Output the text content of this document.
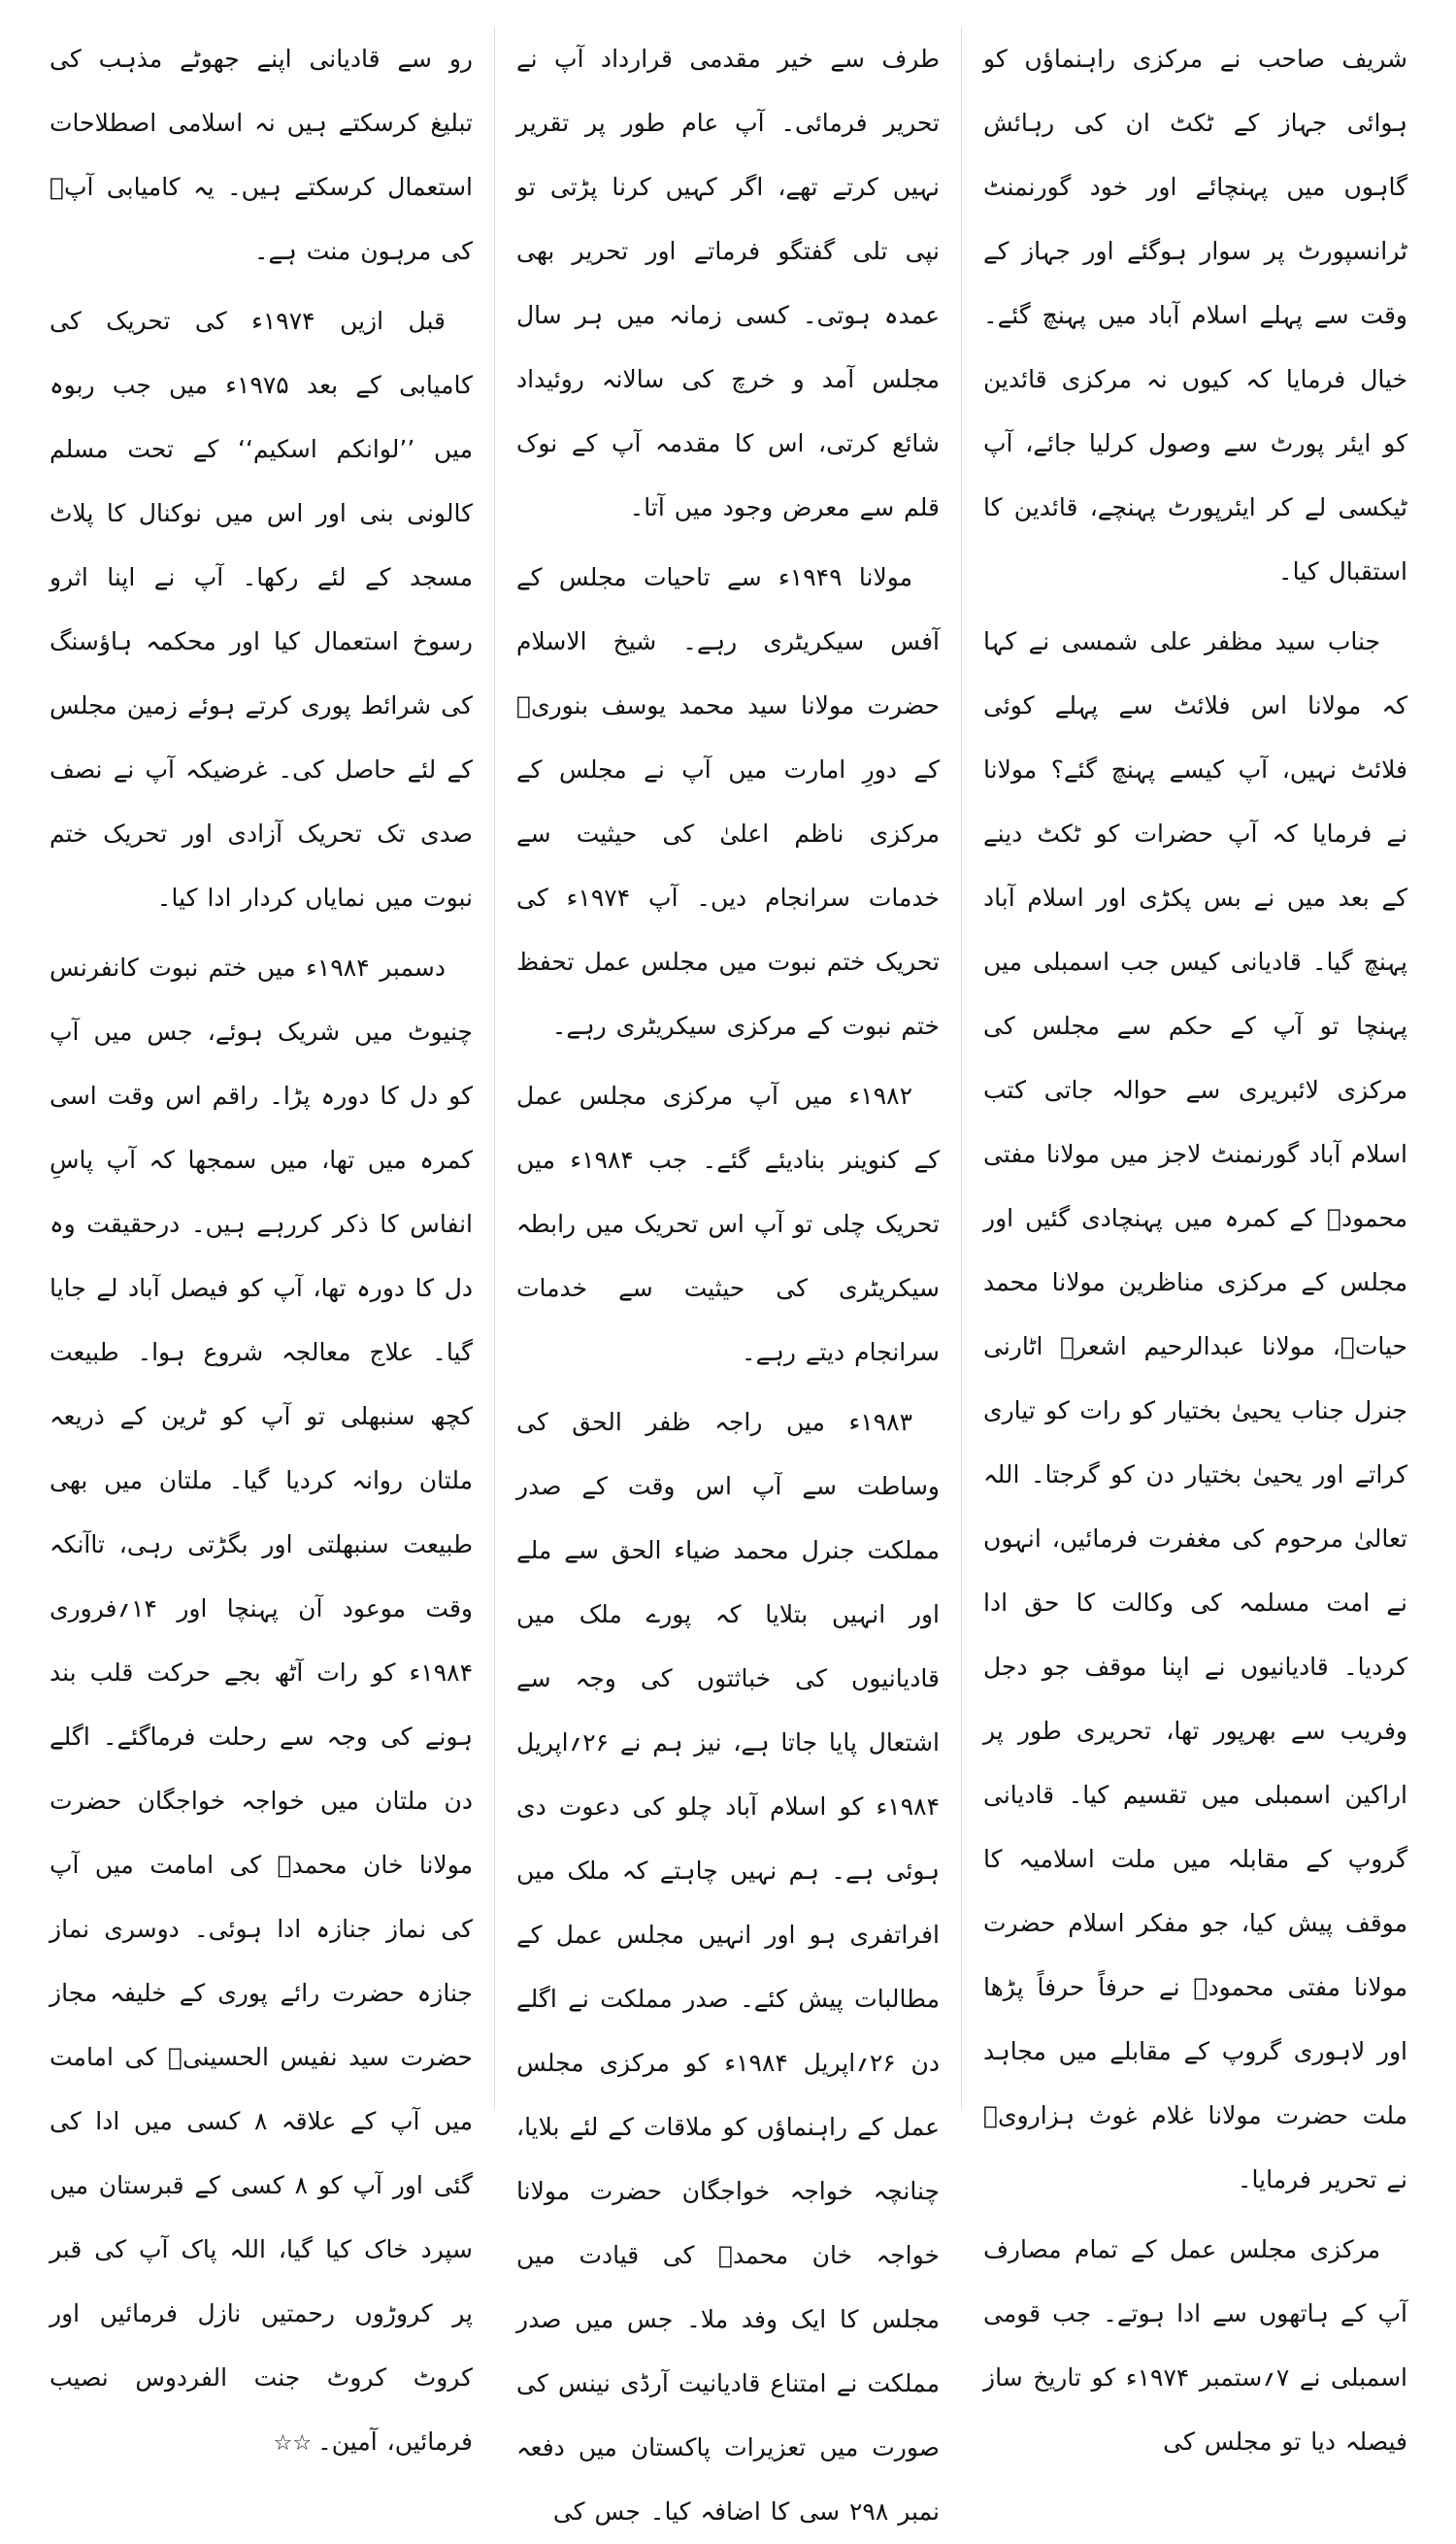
شریف صاحب نے مرکزی راہنماؤں کو ہوائی جہاز کے ٹکٹ ان کی رہائش گاہوں میں پہنچائے اور خود گورنمنٹ ٹرانسپورٹ پر سوار ہوگئے اور جہاز کے وقت سے پہلے اسلام آباد میں پہنچ گئے۔ خیال فرمایا کہ کیوں نہ مرکزی قائدین کو ایئر پورٹ سے وصول کرلیا جائے، آپ ٹیکسی لے کر ایئرپورٹ پہنچے، قائدین کا استقبال کیا۔

جناب سید مظفر علی شمسی نے کہا کہ مولانا اس فلائٹ سے پہلے کوئی فلائٹ نہیں، آپ کیسے پہنچ گئے؟ مولانا نے فرمایا کہ آپ حضرات کو ٹکٹ دینے کے بعد میں نے بس پکڑی اور اسلام آباد پہنچ گیا۔ قادیانی کیس جب اسمبلی میں پہنچا تو آپ کے حکم سے مجلس کی مرکزی لائبریری سے حوالہ جاتی کتب اسلام آباد گورنمنٹ لاجز میں مولانا مفتی محمودؒ کے کمرہ میں پہنچادی گئیں اور مجلس کے مرکزی مناظرین مولانا محمد حیاتؒ، مولانا عبدالرحیم اشعرؒ اٹارنی جنرل جناب یحییٰ بختیار کو رات کو تیاری کراتے اور یحییٰ بختیار دن کو گرجتا۔ اللہ تعالیٰ مرحوم کی مغفرت فرمائیں، انہوں نے امت مسلمہ کی وکالت کا حق ادا کردیا۔ قادیانیوں نے اپنا موقف جو دجل وفریب سے بھرپور تھا، تحریری طور پر اراکین اسمبلی میں تقسیم کیا۔ قادیانی گروپ کے مقابلہ میں ملت اسلامیہ کا موقف پیش کیا، جو مفکر اسلام حضرت مولانا مفتی محمودؒ نے حرفاً حرفاً پڑھا اور لاہوری گروپ کے مقابلے میں مجاہد ملت حضرت مولانا غلام غوث ہزارویؒ نے تحریر فرمایا۔

مرکزی مجلس عمل کے تمام مصارف آپ کے ہاتھوں سے ادا ہوتے۔ جب قومی اسمبلی نے ۷؍ستمبر ۱۹۷۴ء کو تاریخ ساز فیصلہ دیا تو مجلس کی

طرف سے خیر مقدمی قرارداد آپ نے تحریر فرمائی۔ آپ عام طور پر تقریر نہیں کرتے تھے، اگر کہیں کرنا پڑتی تو نپی تلی گفتگو فرماتے اور تحریر بھی عمدہ ہوتی۔ کسی زمانہ میں ہر سال مجلس آمد و خرچ کی سالانہ روئیداد شائع کرتی، اس کا مقدمہ آپ کے نوک قلم سے معرض وجود میں آتا۔

مولانا ۱۹۴۹ء سے تاحیات مجلس کے آفس سیکریٹری رہے۔ شیخ الاسلام حضرت مولانا سید محمد یوسف بنوریؒ کے دورِ امارت میں آپ نے مجلس کے مرکزی ناظم اعلیٰ کی حیثیت سے خدمات سرانجام دیں۔ آپ ۱۹۷۴ء کی تحریک ختم نبوت میں مجلس عمل تحفظ ختم نبوت کے مرکزی سیکریٹری رہے۔

۱۹۸۲ء میں آپ مرکزی مجلس عمل کے کنوینر بنادیئے گئے۔ جب ۱۹۸۴ء میں تحریک چلی تو آپ اس تحریک میں رابطہ سیکریٹری کی حیثیت سے خدمات سرانجام دیتے رہے۔

۱۹۸۳ء میں راجہ ظفر الحق کی وساطت سے آپ اس وقت کے صدر مملکت جنرل محمد ضیاء الحق سے ملے اور انہیں بتلایا کہ پورے ملک میں قادیانیوں کی خباثتوں کی وجہ سے اشتعال پایا جاتا ہے، نیز ہم نے ۲۶؍اپریل ۱۹۸۴ء کو اسلام آباد چلو کی دعوت دی ہوئی ہے۔ ہم نہیں چاہتے کہ ملک میں افراتفری ہو اور انہیں مجلس عمل کے مطالبات پیش کئے۔ صدر مملکت نے اگلے دن ۲۶؍اپریل ۱۹۸۴ء کو مرکزی مجلس عمل کے راہنماؤں کو ملاقات کے لئے بلایا، چنانچہ خواجہ خواجگان حضرت مولانا خواجہ خان محمدؒ کی قیادت میں مجلس کا ایک وفد ملا۔ جس میں صدر مملکت نے امتناع قادیانیت آرڈی نینس کی صورت میں تعزیرات پاکستان میں دفعہ نمبر ۲۹۸ سی کا اضافہ کیا۔ جس کی

رو سے قادیانی اپنے جھوٹے مذہب کی تبلیغ کرسکتے ہیں نہ اسلامی اصطلاحات استعمال کرسکتے ہیں۔ یہ کامیابی آپؒ کی مرہون منت ہے۔

قبل ازیں ۱۹۷۴ء کی تحریک کی کامیابی کے بعد ۱۹۷۵ء میں جب ربوہ میں ’’لوانکم اسکیم‘‘ کے تحت مسلم کالونی بنی اور اس میں نوکنال کا پلاٹ مسجد کے لئے رکھا۔ آپ نے اپنا اثرو رسوخ استعمال کیا اور محکمہ ہاؤسنگ کی شرائط پوری کرتے ہوئے زمین مجلس کے لئے حاصل کی۔ غرضیکہ آپ نے نصف صدی تک تحریک آزادی اور تحریک ختم نبوت میں نمایاں کردار ادا کیا۔

دسمبر ۱۹۸۴ء میں ختم نبوت کانفرنس چنیوٹ میں شریک ہوئے، جس میں آپ کو دل کا دورہ پڑا۔ راقم اس وقت اسی کمرہ میں تھا، میں سمجھا کہ آپ پاسِ انفاس کا ذکر کررہے ہیں۔ درحقیقت وہ دل کا دورہ تھا، آپ کو فیصل آباد لے جایا گیا۔ علاج معالجہ شروع ہوا۔ طبیعت کچھ سنبھلی تو آپ کو ٹرین کے ذریعہ ملتان روانہ کردیا گیا۔ ملتان میں بھی طبیعت سنبھلتی اور بگڑتی رہی، تاآنکہ وقت موعود آن پہنچا اور ۱۴؍فروری ۱۹۸۴ء کو رات آٹھ بجے حرکت قلب بند ہونے کی وجہ سے رحلت فرماگئے۔ اگلے دن ملتان میں خواجہ خواجگان حضرت مولانا خان محمدؒ کی امامت میں آپ کی نماز جنازہ ادا ہوئی۔ دوسری نماز جنازہ حضرت رائے پوری کے خلیفہ مجاز حضرت سید نفیس الحسینیؒ کی امامت میں آپ کے علاقہ ۸ کسی میں ادا کی گئی اور آپ کو ۸ کسی کے قبرستان میں سپرد خاک کیا گیا، اللہ پاک آپ کی قبر پر کروڑوں رحمتیں نازل فرمائیں اور کروٹ کروٹ جنت الفردوس نصیب فرمائیں، آمین۔☆☆
